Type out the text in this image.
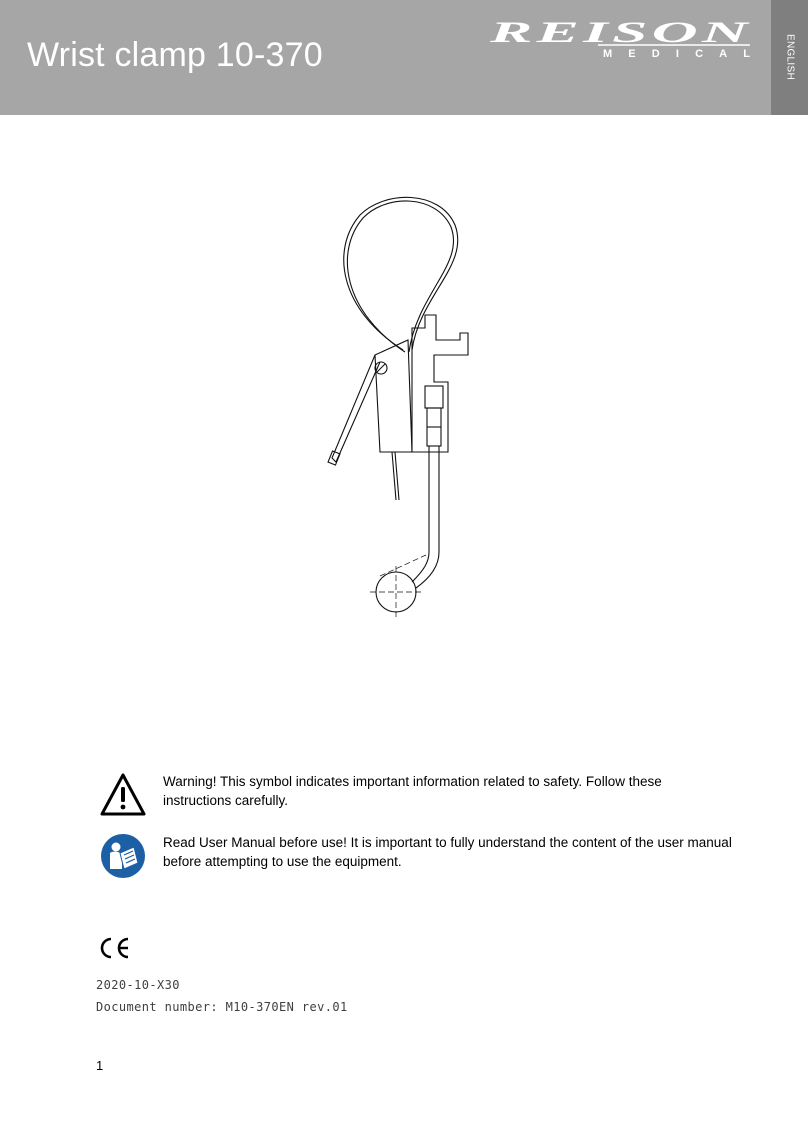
Wrist clamp 10-370
REISON
MEDICAL	ENGLISH
Warning! This symbol indicates important information related to safety. Follow these instructions carefully.
Read User Manual before use! It is important to fully understand the content of the user manual before attempting to use the equipment.
2020-10-X30
Document number: M10-370EN rev.01
1
